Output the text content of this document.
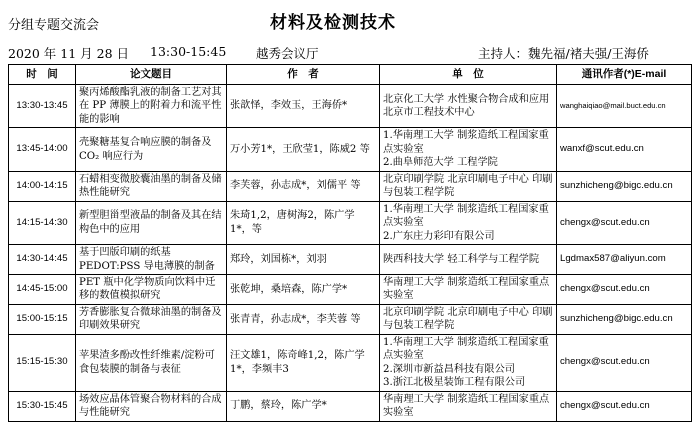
分组专题交流会	材料及检测技术
2020 年 11 月 28 日 13:30-15:45 越秀会议厅	主持人：魏先福/褚夫强/王海侨
时　间	论文题目	作　者	单　位	通讯作者(*)E-mail
13:30-13:45	聚丙烯酸酯乳液的制备工艺对其在 PP 薄膜上的附着力和流平性能的影响	张歆怿，李效玉，王海侨*	北京化工大学 水性聚合物合成和应用北京市工程技术中心	wanghaiqiao@mail.buct.edu.cn
13:45-14:00	壳聚糖基复合响应膜的制备及 CO₂ 响应行为	万小芳1*，王欣莹1，陈威2 等	1.华南理工大学 制浆造纸工程国家重点实验室
2.曲阜师范大学 工程学院	wanxf@scut.edu.cn
14:00-14:15	石蜡相变微胶囊油墨的制备及储热性能研究	李芙蓉，孙志成*，刘儒平 等	北京印刷学院 北京印刷电子中心 印刷与包装工程学院	sunzhicheng@bigc.edu.cn
14:15-14:30	新型胆甾型液晶的制备及其在结构色中的应用	朱琦1,2，唐树海2，陈广学1*，等	1.华南理工大学 制浆造纸工程国家重点实验室
2.广东庄力彩印有限公司	chengx@scut.edu.cn
14:30-14:45	基于凹版印刷的纸基 PEDOT:PSS 导电薄膜的制备	郑玲，刘国栋*，刘羽	陕西科技大学 轻工科学与工程学院	Lgdmax587@aliyun.com
14:45-15:00	PET 瓶中化学物质向饮料中迁移的数值模拟研究	张乾坤，桑培森，陈广学*	华南理工大学 制浆造纸工程国家重点实验室	chengx@scut.edu.cn
15:00-15:15	芳香膨胀复合微球油墨的制备及印刷效果研究	张青青，孙志成*，李芙蓉 等	北京印刷学院 北京印刷电子中心 印刷与包装工程学院	sunzhicheng@bigc.edu.cn
15:15-15:30	苹果渣多酚改性纤维素/淀粉可食包装膜的制备与表征	汪文雄1，陈奇峰1,2，陈广学1*，李频丰3	1.华南理工大学 制浆造纸工程国家重点实验室
2.深圳市新益昌科技有限公司
3.浙江北极星装饰工程有限公司	chengx@scut.edu.cn
15:30-15:45	场效应晶体管聚合物材料的合成与性能研究	丁鹏，蔡玲，陈广学*	华南理工大学 制浆造纸工程国家重点实验室	chengx@scut.edu.cn
